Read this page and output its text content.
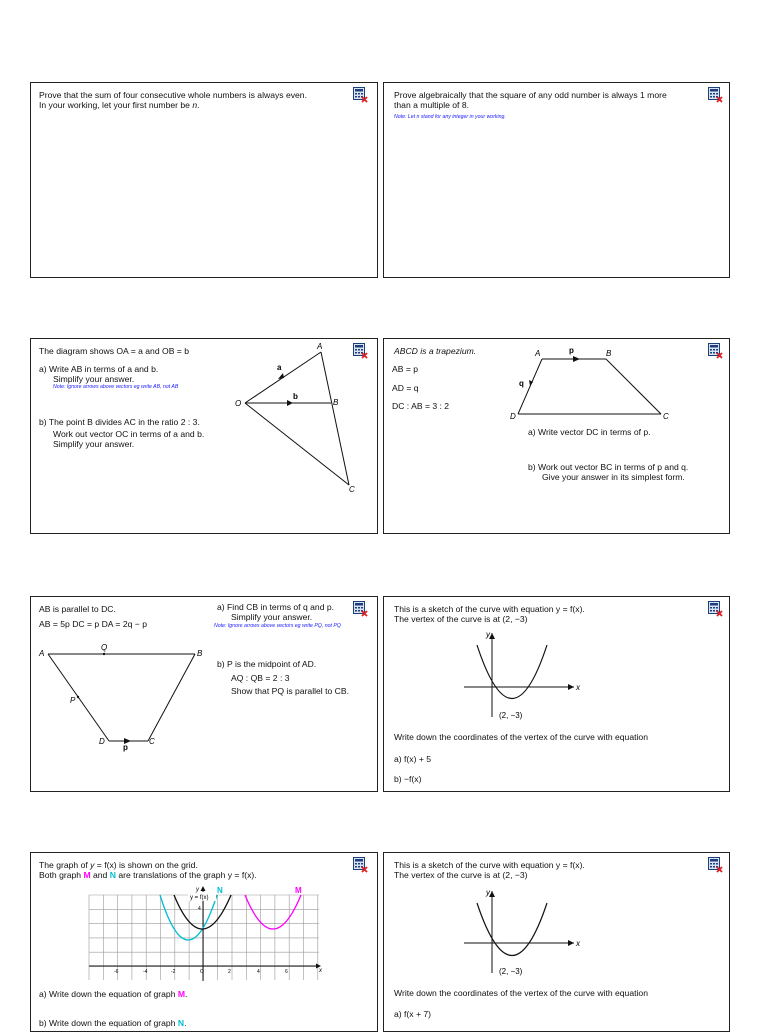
Prove that the sum of four consecutive whole numbers is always even.
In your working, let your first number be n.
Prove algebraically that the square of any odd number is always 1 more
than a multiple of 8.
Note: Let n stand for any integer in your working.
The diagram shows OA = a and OB = b
a) Write AB in terms of a and b.
Simplify your answer.
Note: Ignore arrows above vectors eg write AB, not AB
b) The point B divides AC in the ratio 2 : 3.
Work out vector OC in terms of a and b.
Simplify your answer.
A
B
C
O
a
b
ABCD is a trapezium.
AB = p
AD = q
DC : AB = 3 : 2
a) Write vector DC in terms of p.
b) Work out vector BC in terms of p and q.
Give your answer in its simplest form.
A	B
C
D
p
q
AB is parallel to DC.
AB = 5p DC = p DA = 2q − p
a) Find CB in terms of q and p.
Simplify your answer.
Note: Ignore arrows above vectors eg write PQ, not PQ
b) P is the midpoint of AD.
AQ : QB = 2 : 3
Show that PQ is parallel to CB.
A	B
C
D
P
Q
p
This is a sketch of the curve with equation y = f(x).
The vertex of the curve is at (2, −3)
y
x
(2, −3)
Write down the coordinates of the vertex of the curve with equation
a) f(x) + 5
b) −f(x)
The graph of y = f(x) is shown on the grid.
Both graph M and N are translations of the graph y = f(x).
y = f(x)
N	M
y
x
4
-6	-4	-2	O	2	4	6
a) Write down the equation of graph M.
b) Write down the equation of graph N.
This is a sketch of the curve with equation y = f(x).
The vertex of the curve is at (2, −3)
y
x
(2, −3)
Write down the coordinates of the vertex of the curve with equation
a) f(x + 7)
